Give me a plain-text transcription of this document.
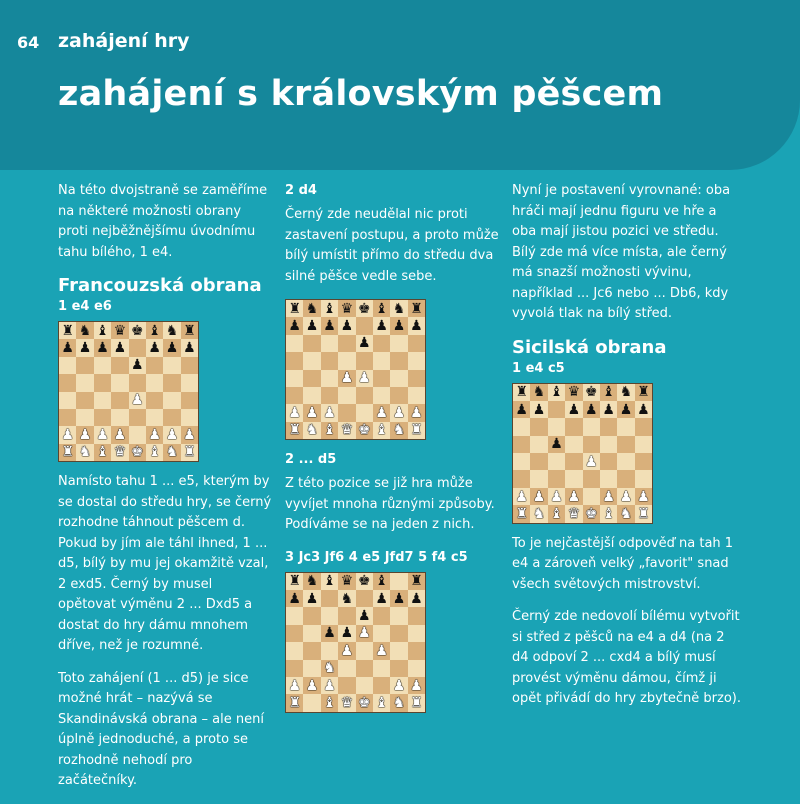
64 zahájení hry
zahájení s královským pěšcem

Na této dvojstraně se zaměříme na některé možnosti obrany proti nejběžnějšímu úvodnímu tahu bílého, 1 e4.

Francouzská obrana
1 e4 e6
♜ ♞ ♝ ♛ ♚ ♝ ♞ ♜
♟ ♟ ♟ ♟ ♟ ♟ ♟
♟
♟
♟ ♟ ♟ ♟ ♟ ♟ ♟
♜ ♞ ♝ ♛ ♚ ♝ ♞ ♜

Namísto tahu 1 ... e5, kterým by se dostal do středu hry, se černý rozhodne táhnout pěšcem d. Pokud by jím ale táhl ihned, 1 ... d5, bílý by mu jej okamžitě vzal, 2 exd5. Černý by musel opětovat výměnu 2 ... Dxd5 a dostat do hry dámu mnohem dříve, než je rozumné.

Toto zahájení (1 ... d5) je sice možné hrát – nazývá se Skandinávská obrana – ale není úplně jednoduché, a proto se rozhodně nehodí pro začátečníky.

2 d4

Černý zde neudělal nic proti zastavení postupu, a proto může bílý umístit přímo do středu dva silné pěšce vedle sebe.

♜ ♞ ♝ ♛ ♚ ♝ ♞ ♜
♟ ♟ ♟ ♟ ♟ ♟ ♟
♟
♟ ♟
♟ ♟ ♟	♟ ♟ ♟
♜ ♞ ♝ ♛ ♚ ♝ ♞ ♜
2 ... d5

Z této pozice se již hra může vyvíjet mnoha různými způsoby. Podíváme se na jeden z nich.

3 Jc3 Jf6 4 e5 Jfd7 5 f4 c5
♜ ♞ ♝ ♛ ♚ ♝ ♜
♟ ♟ ♞ ♟ ♟ ♟
♟
♟ ♟ ♟
♟ ♟
♞
♟ ♟ ♟	♟ ♟
♜ ♝ ♛ ♚ ♝ ♞ ♜

Nyní je postavení vyrovnané: oba hráči mají jednu figuru ve hře a oba mají jistou pozici ve středu. Bílý zde má více místa, ale černý má snazší možnosti vývinu, například ... Jc6 nebo ... Db6, kdy vyvolá tlak na bílý střed.

Sicilská obrana
1 e4 c5
♜ ♞ ♝ ♛ ♚ ♝ ♞ ♜
♟ ♟ ♟ ♟ ♟ ♟ ♟
♟
♟
♟ ♟ ♟ ♟ ♟ ♟ ♟
♜ ♞ ♝ ♛ ♚ ♝ ♞ ♜

To je nejčastější odpověď na tah 1 e4 a zároveň velký „favorit" snad všech světových mistrovství.

Černý zde nedovolí bílému vytvořit si střed z pěšců na e4 a d4 (na 2 d4 odpoví 2 ... cxd4 a bílý musí provést výměnu dámou, čímž ji opět přivádí do hry zbytečně brzo).
